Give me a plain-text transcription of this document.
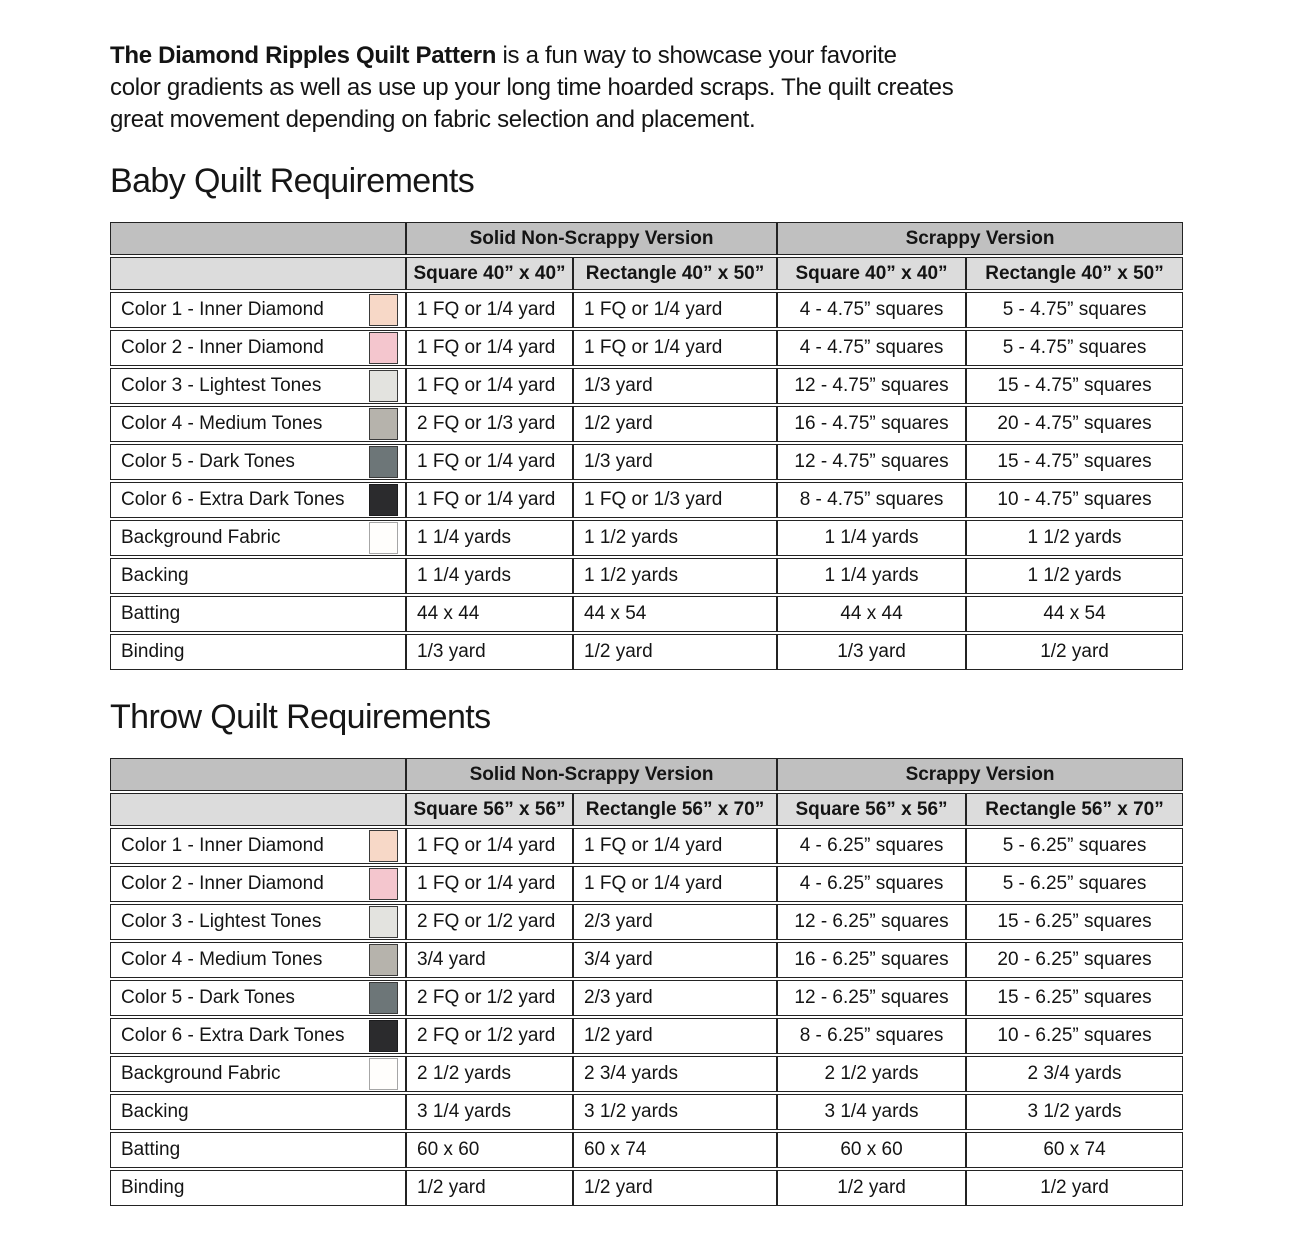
The Diamond Ripples Quilt Pattern is a fun way to showcase your favorite
color gradients as well as use up your long time hoarded scraps. The quilt creates
great movement depending on fabric selection and placement.

Baby Quilt Requirements
	Solid Non-Scrappy Version		Scrappy Version	
	Square 40” x 40”	Rectangle 40” x 50”	Square 40” x 40”	Rectangle 40” x 50”

Color 1 - Inner Diamond	1 FQ or 1/4 yard	1 FQ or 1/4 yard	4 - 4.75” squares	5 - 4.75” squares

Color 2 - Inner Diamond	1 FQ or 1/4 yard	1 FQ or 1/4 yard	4 - 4.75” squares	5 - 4.75” squares

Color 3 - Lightest Tones	1 FQ or 1/4 yard	1/3 yard	12 - 4.75” squares	15 - 4.75” squares

Color 4 - Medium Tones	2 FQ or 1/3 yard	1/2 yard	16 - 4.75” squares	20 - 4.75” squares

Color 5 - Dark Tones	1 FQ or 1/4 yard	1/3 yard	12 - 4.75” squares	15 - 4.75” squares

Color 6 - Extra Dark Tones	1 FQ or 1/4 yard	1 FQ or 1/3 yard	8 - 4.75” squares	10 - 4.75” squares

Background Fabric	1 1/4 yards	1 1/2 yards	1 1/4 yards	1 1/2 yards

Backing	1 1/4 yards	1 1/2 yards	1 1/4 yards	1 1/2 yards

Batting	44 x 44	44 x 54	44 x 44	44 x 54

Binding	1/3 yard	1/2 yard	1/3 yard	1/2 yard
Throw Quilt Requirements
	Solid Non-Scrappy Version		Scrappy Version	
	Square 56” x 56”	Rectangle 56” x 70”	Square 56” x 56”	Rectangle 56” x 70”

Color 1 - Inner Diamond	1 FQ or 1/4 yard	1 FQ or 1/4 yard	4 - 6.25” squares	5 - 6.25” squares

Color 2 - Inner Diamond	1 FQ or 1/4 yard	1 FQ or 1/4 yard	4 - 6.25” squares	5 - 6.25” squares

Color 3 - Lightest Tones	2 FQ or 1/2 yard	2/3 yard	12 - 6.25” squares	15 - 6.25” squares

Color 4 - Medium Tones	3/4 yard	3/4 yard	16 - 6.25” squares	20 - 6.25” squares

Color 5 - Dark Tones	2 FQ or 1/2 yard	2/3 yard	12 - 6.25” squares	15 - 6.25” squares

Color 6 - Extra Dark Tones	2 FQ or 1/2 yard	1/2 yard	8 - 6.25” squares	10 - 6.25” squares

Background Fabric	2 1/2 yards	2 3/4 yards	2 1/2 yards	2 3/4 yards

Backing	3 1/4 yards	3 1/2 yards	3 1/4 yards	3 1/2 yards

Batting	60 x 60	60 x 74	60 x 60	60 x 74

Binding	1/2 yard	1/2 yard	1/2 yard	1/2 yard
